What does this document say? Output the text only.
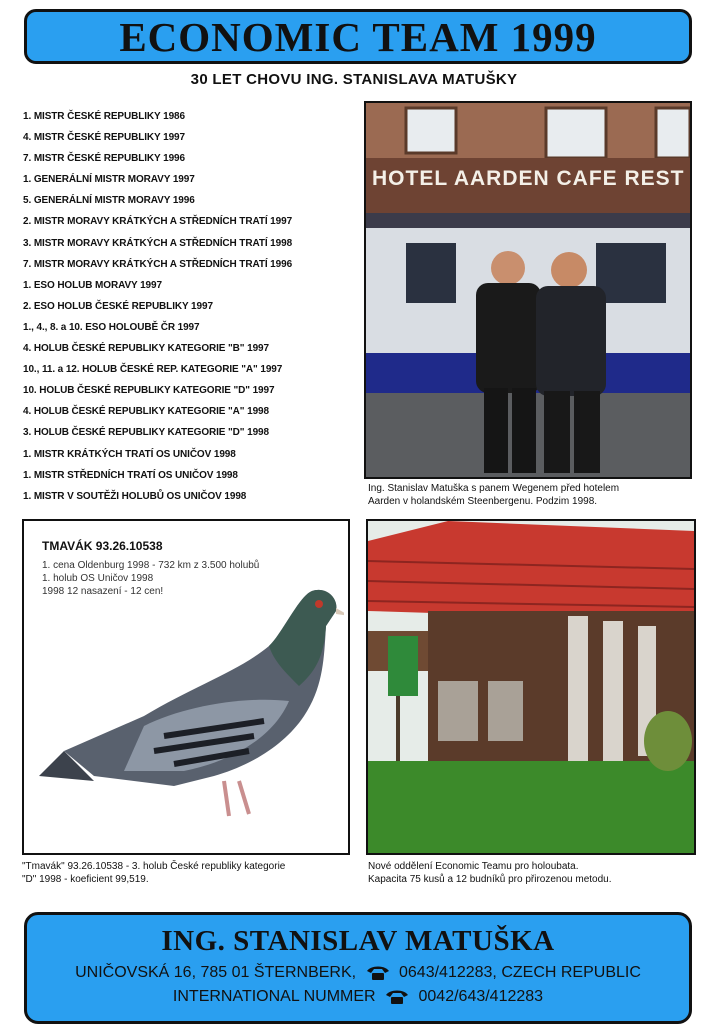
ECONOMIC TEAM 1999
30 LET CHOVU ING. STANISLAVA MATUŠKY
1. MISTR ČESKÉ REPUBLIKY 1986
4. MISTR ČESKÉ REPUBLIKY 1997
7. MISTR ČESKÉ REPUBLIKY 1996
1. GENERÁLNÍ MISTR MORAVY 1997
5. GENERÁLNÍ MISTR MORAVY 1996
2. MISTR MORAVY KRÁTKÝCH A STŘEDNÍCH TRATÍ 1997
3. MISTR MORAVY KRÁTKÝCH A STŘEDNÍCH TRATÍ 1998
7. MISTR MORAVY KRÁTKÝCH A STŘEDNÍCH TRATÍ 1996
1. ESO HOLUB MORAVY 1997
2. ESO HOLUB ČESKÉ REPUBLIKY 1997
1., 4., 8. a 10. ESO HOLOUBĚ ČR 1997
4. HOLUB ČESKÉ REPUBLIKY KATEGORIE "B" 1997
10., 11. a 12. HOLUB ČESKÉ REP. KATEGORIE "A" 1997
10. HOLUB ČESKÉ REPUBLIKY KATEGORIE "D" 1997
4. HOLUB ČESKÉ REPUBLIKY KATEGORIE "A" 1998
3. HOLUB ČESKÉ REPUBLIKY KATEGORIE "D" 1998
1. MISTR KRÁTKÝCH TRATÍ OS UNIČOV 1998
1. MISTR STŘEDNÍCH TRATÍ OS UNIČOV 1998
1. MISTR V SOUTĚŽI HOLUBŮ OS UNIČOV 1998
HOTEL AARDEN CAFE REST
Ing. Stanislav Matuška s panem Wegenem před hotelem
Aarden v holandském Steenbergenu. Podzim 1998.
TMAVÁK 93.26.10538
1. cena Oldenburg 1998 - 732 km z 3.500 holubů
1. holub OS Uničov 1998
1998 12 nasazení - 12 cen!
"Tmavák" 93.26.10538 - 3. holub České republiky kategorie
"D" 1998 - koeficient 99,519.
Nové oddělení Economic Teamu pro holoubata.
Kapacita 75 kusů a 12 budníků pro přirozenou metodu.
ING. STANISLAV MATUŠKA
UNIČOVSKÁ 16, 785 01 ŠTERNBERK,	0643/412283, CZECH REPUBLIC
INTERNATIONAL NUMMER	0042/643/412283
